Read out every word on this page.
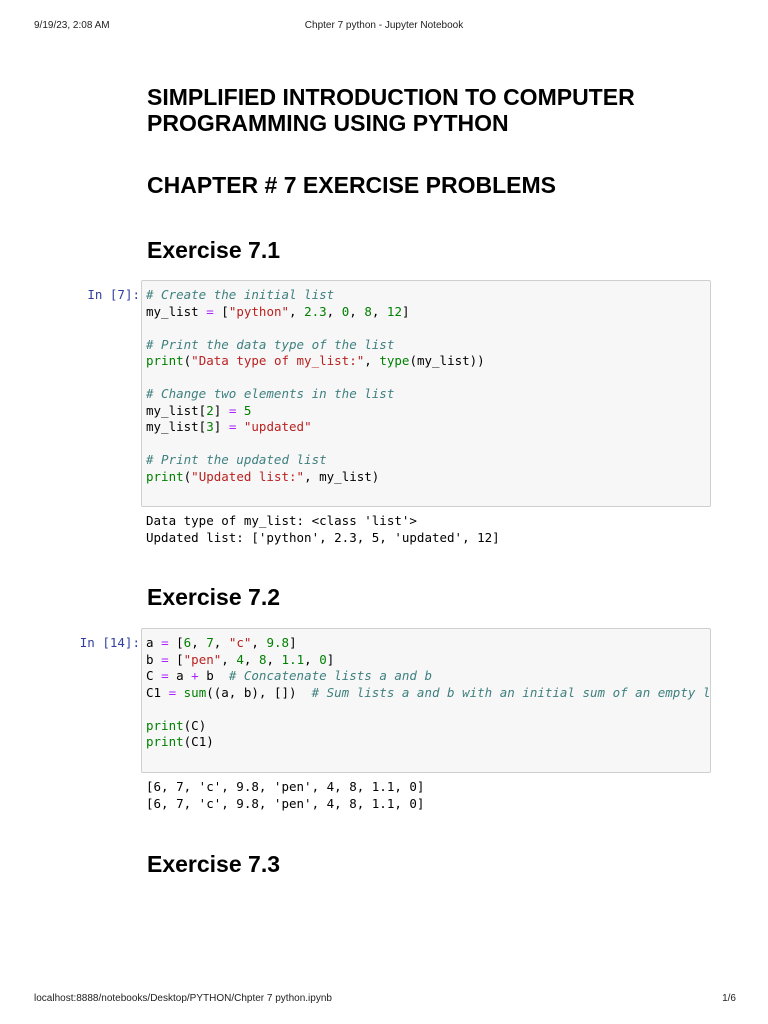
9/19/23, 2:08 AM	Chpter 7 python - Jupyter Notebook
SIMPLIFIED INTRODUCTION TO COMPUTER PROGRAMMING USING PYTHON
CHAPTER # 7 EXERCISE PROBLEMS
Exercise 7.1
In [7]: # Create the initial list
my_list = ["python", 2.3, 0, 8, 12]

# Print the data type of the list
print("Data type of my_list:", type(my_list))

# Change two elements in the list
my_list[2] = 5
my_list[3] = "updated"

# Print the updated list
print("Updated list:", my_list)
Data type of my_list: <class 'list'>
Updated list: ['python', 2.3, 5, 'updated', 12]
Exercise 7.2
In [14]: a = [6, 7, "c", 9.8]
b = ["pen", 4, 8, 1.1, 0]
C = a + b  # Concatenate lists a and b
C1 = sum((a, b), [])  # Sum lists a and b with an initial sum of an empty l

print(C)
print(C1)
[6, 7, 'c', 9.8, 'pen', 4, 8, 1.1, 0]
[6, 7, 'c', 9.8, 'pen', 4, 8, 1.1, 0]
Exercise 7.3
localhost:8888/notebooks/Desktop/PYTHON/Chpter 7 python.ipynb	1/6
